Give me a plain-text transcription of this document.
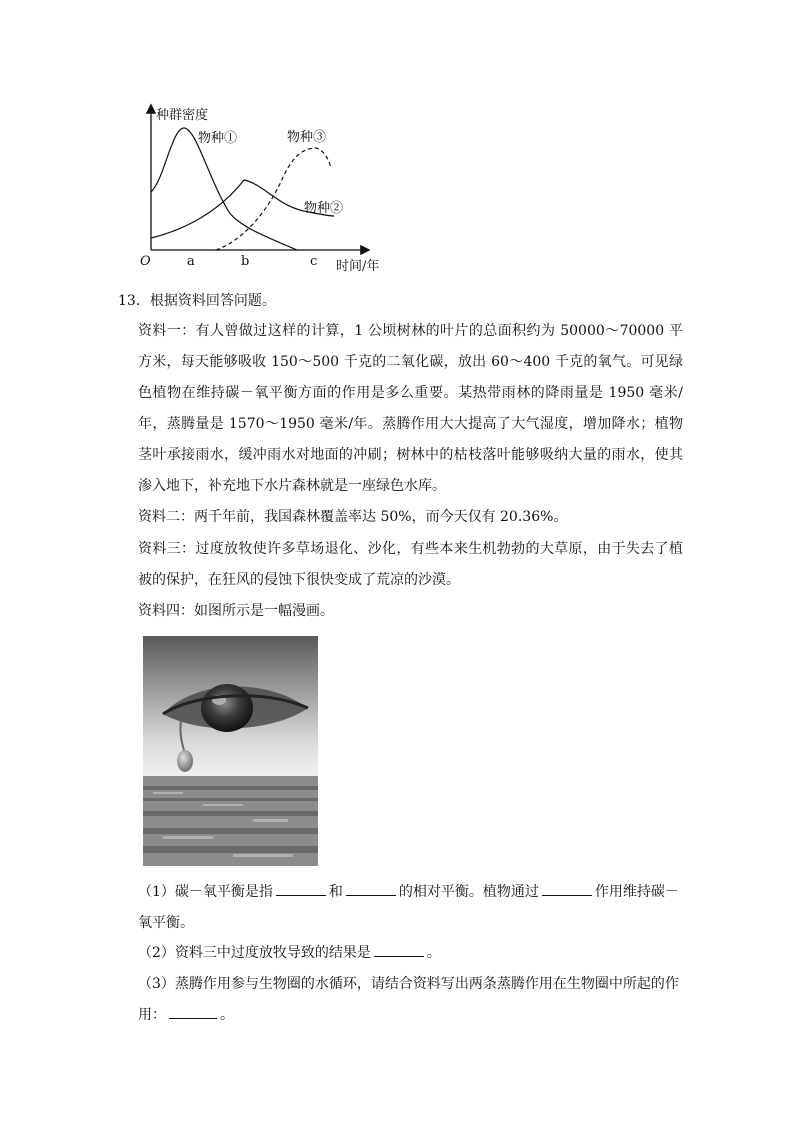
种群密度
时间/年
O	a	b	c
物种①
物种②
物种③
13．根据资料回答问题。
资料一：有人曾做过这样的计算，1 公顷树林的叶片的总面积约为 50000～70000 平方米，每天能够吸收 150～500 千克的二氧化碳，放出 60～400 千克的氧气。可见绿色植物在维持碳－氧平衡方面的作用是多么重要。某热带雨林的降雨量是 1950 毫米/年，蒸腾量是 1570～1950 毫米/年。蒸腾作用大大提高了大气湿度，增加降水；植物茎叶承接雨水，缓冲雨水对地面的冲刷；树林中的枯枝落叶能够吸纳大量的雨水，使其渗入地下，补充地下水片森林就是一座绿色水库。
资料二：两千年前，我国森林覆盖率达 50%，而今天仅有 20.36%。
资料三：过度放牧使许多草场退化、沙化，有些本来生机勃勃的大草原，由于失去了植被的保护，在狂风的侵蚀下很快变成了荒凉的沙漠。
资料四：如图所示是一幅漫画。
（1）碳－氧平衡是指	和	的相对平衡。植物通过	作用维持碳－氧平衡。
（2）资料三中过度放牧导致的结果是	。
（3）蒸腾作用参与生物圈的水循环，请结合资料写出两条蒸腾作用在生物圈中所起的作用：	。
